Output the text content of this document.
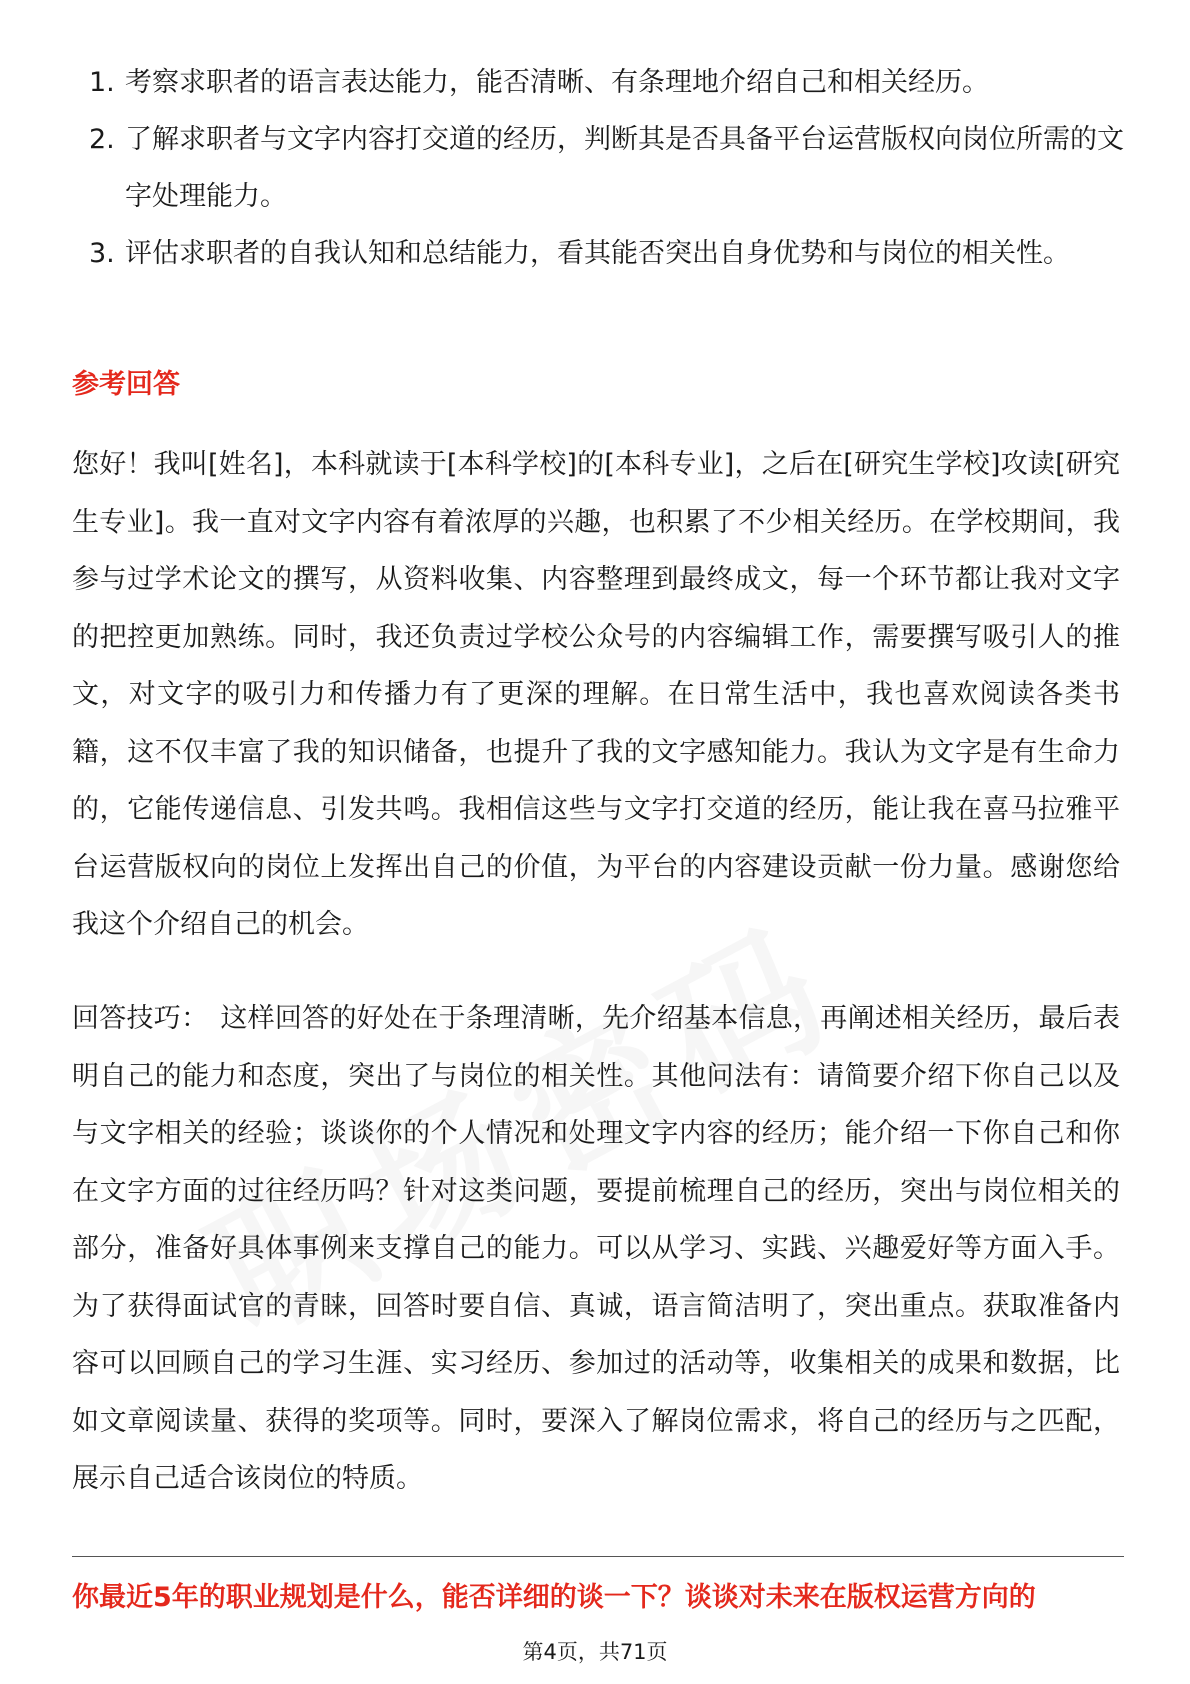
1. 考察求职者的语言表达能力，能否清晰、有条理地介绍自己和相关经历。
2. 了解求职者与文字内容打交道的经历，判断其是否具备平台运营版权向岗位所需的文字处理能力。
3. 评估求职者的自我认知和总结能力，看其能否突出自身优势和与岗位的相关性。
参考回答

您好！我叫[姓名]，本科就读于[本科学校]的[本科专业]，之后在[研究生学校]攻读[研究生专业]。我一直对文字内容有着浓厚的兴趣，也积累了不少相关经历。在学校期间，我参与过学术论文的撰写，从资料收集、内容整理到最终成文，每一个环节都让我对文字的把控更加熟练。同时，我还负责过学校公众号的内容编辑工作，需要撰写吸引人的推文，对文字的吸引力和传播力有了更深的理解。在日常生活中，我也喜欢阅读各类书籍，这不仅丰富了我的知识储备，也提升了我的文字感知能力。我认为文字是有生命力的，它能传递信息、引发共鸣。我相信这些与文字打交道的经历，能让我在喜马拉雅平台运营版权向的岗位上发挥出自己的价值，为平台的内容建设贡献一份力量。感谢您给我这个介绍自己的机会。

回答技巧： 这样回答的好处在于条理清晰，先介绍基本信息，再阐述相关经历，最后表明自己的能力和态度，突出了与岗位的相关性。其他问法有：请简要介绍下你自己以及与文字相关的经验；谈谈你的个人情况和处理文字内容的经历；能介绍一下你自己和你在文字方面的过往经历吗？针对这类问题，要提前梳理自己的经历，突出与岗位相关的部分，准备好具体事例来支撑自己的能力。可以从学习、实践、兴趣爱好等方面入手。为了获得面试官的青睐，回答时要自信、真诚，语言简洁明了，突出重点。获取准备内容可以回顾自己的学习生涯、实习经历、参加过的活动等，收集相关的成果和数据，比如文章阅读量、获得的奖项等。同时，要深入了解岗位需求，将自己的经历与之匹配，展示自己适合该岗位的特质。

你最近5年的职业规划是什么，能否详细的谈一下？谈谈对未来在版权运营方向的

第4页，共71页
